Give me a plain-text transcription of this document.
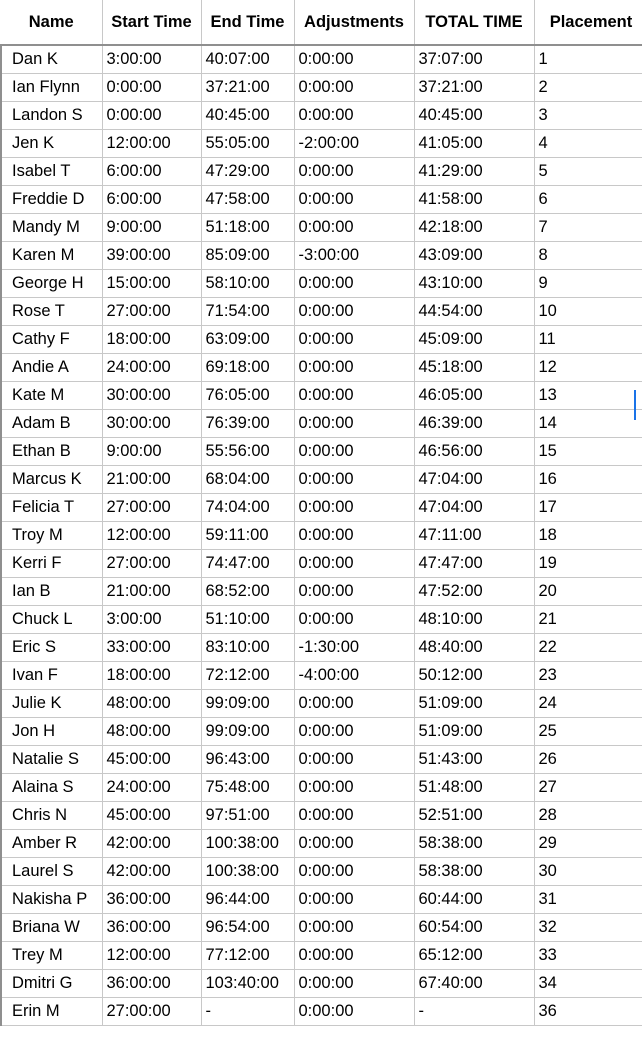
Name	Start Time	End Time	Adjustments	TOTAL TIME	Placement
Dan K	3:00:00	40:07:00	0:00:00	37:07:00	1
Ian Flynn	0:00:00	37:21:00	0:00:00	37:21:00	2
Landon S	0:00:00	40:45:00	0:00:00	40:45:00	3
Jen K	12:00:00	55:05:00	-2:00:00	41:05:00	4
Isabel T	6:00:00	47:29:00	0:00:00	41:29:00	5
Freddie D	6:00:00	47:58:00	0:00:00	41:58:00	6
Mandy M	9:00:00	51:18:00	0:00:00	42:18:00	7
Karen M	39:00:00	85:09:00	-3:00:00	43:09:00	8
George H	15:00:00	58:10:00	0:00:00	43:10:00	9
Rose T	27:00:00	71:54:00	0:00:00	44:54:00	10
Cathy F	18:00:00	63:09:00	0:00:00	45:09:00	11
Andie A	24:00:00	69:18:00	0:00:00	45:18:00	12
Kate M	30:00:00	76:05:00	0:00:00	46:05:00	13
Adam B	30:00:00	76:39:00	0:00:00	46:39:00	14
Ethan B	9:00:00	55:56:00	0:00:00	46:56:00	15
Marcus K	21:00:00	68:04:00	0:00:00	47:04:00	16
Felicia T	27:00:00	74:04:00	0:00:00	47:04:00	17
Troy M	12:00:00	59:11:00	0:00:00	47:11:00	18
Kerri F	27:00:00	74:47:00	0:00:00	47:47:00	19
Ian B	21:00:00	68:52:00	0:00:00	47:52:00	20
Chuck L	3:00:00	51:10:00	0:00:00	48:10:00	21
Eric S	33:00:00	83:10:00	-1:30:00	48:40:00	22
Ivan F	18:00:00	72:12:00	-4:00:00	50:12:00	23
Julie K	48:00:00	99:09:00	0:00:00	51:09:00	24
Jon H	48:00:00	99:09:00	0:00:00	51:09:00	25
Natalie S	45:00:00	96:43:00	0:00:00	51:43:00	26
Alaina S	24:00:00	75:48:00	0:00:00	51:48:00	27
Chris N	45:00:00	97:51:00	0:00:00	52:51:00	28
Amber R	42:00:00	100:38:00	0:00:00	58:38:00	29
Laurel S	42:00:00	100:38:00	0:00:00	58:38:00	30
Nakisha P	36:00:00	96:44:00	0:00:00	60:44:00	31
Briana W	36:00:00	96:54:00	0:00:00	60:54:00	32
Trey M	12:00:00	77:12:00	0:00:00	65:12:00	33
Dmitri G	36:00:00	103:40:00	0:00:00	67:40:00	34
Erin M	27:00:00	-	0:00:00	-	36
